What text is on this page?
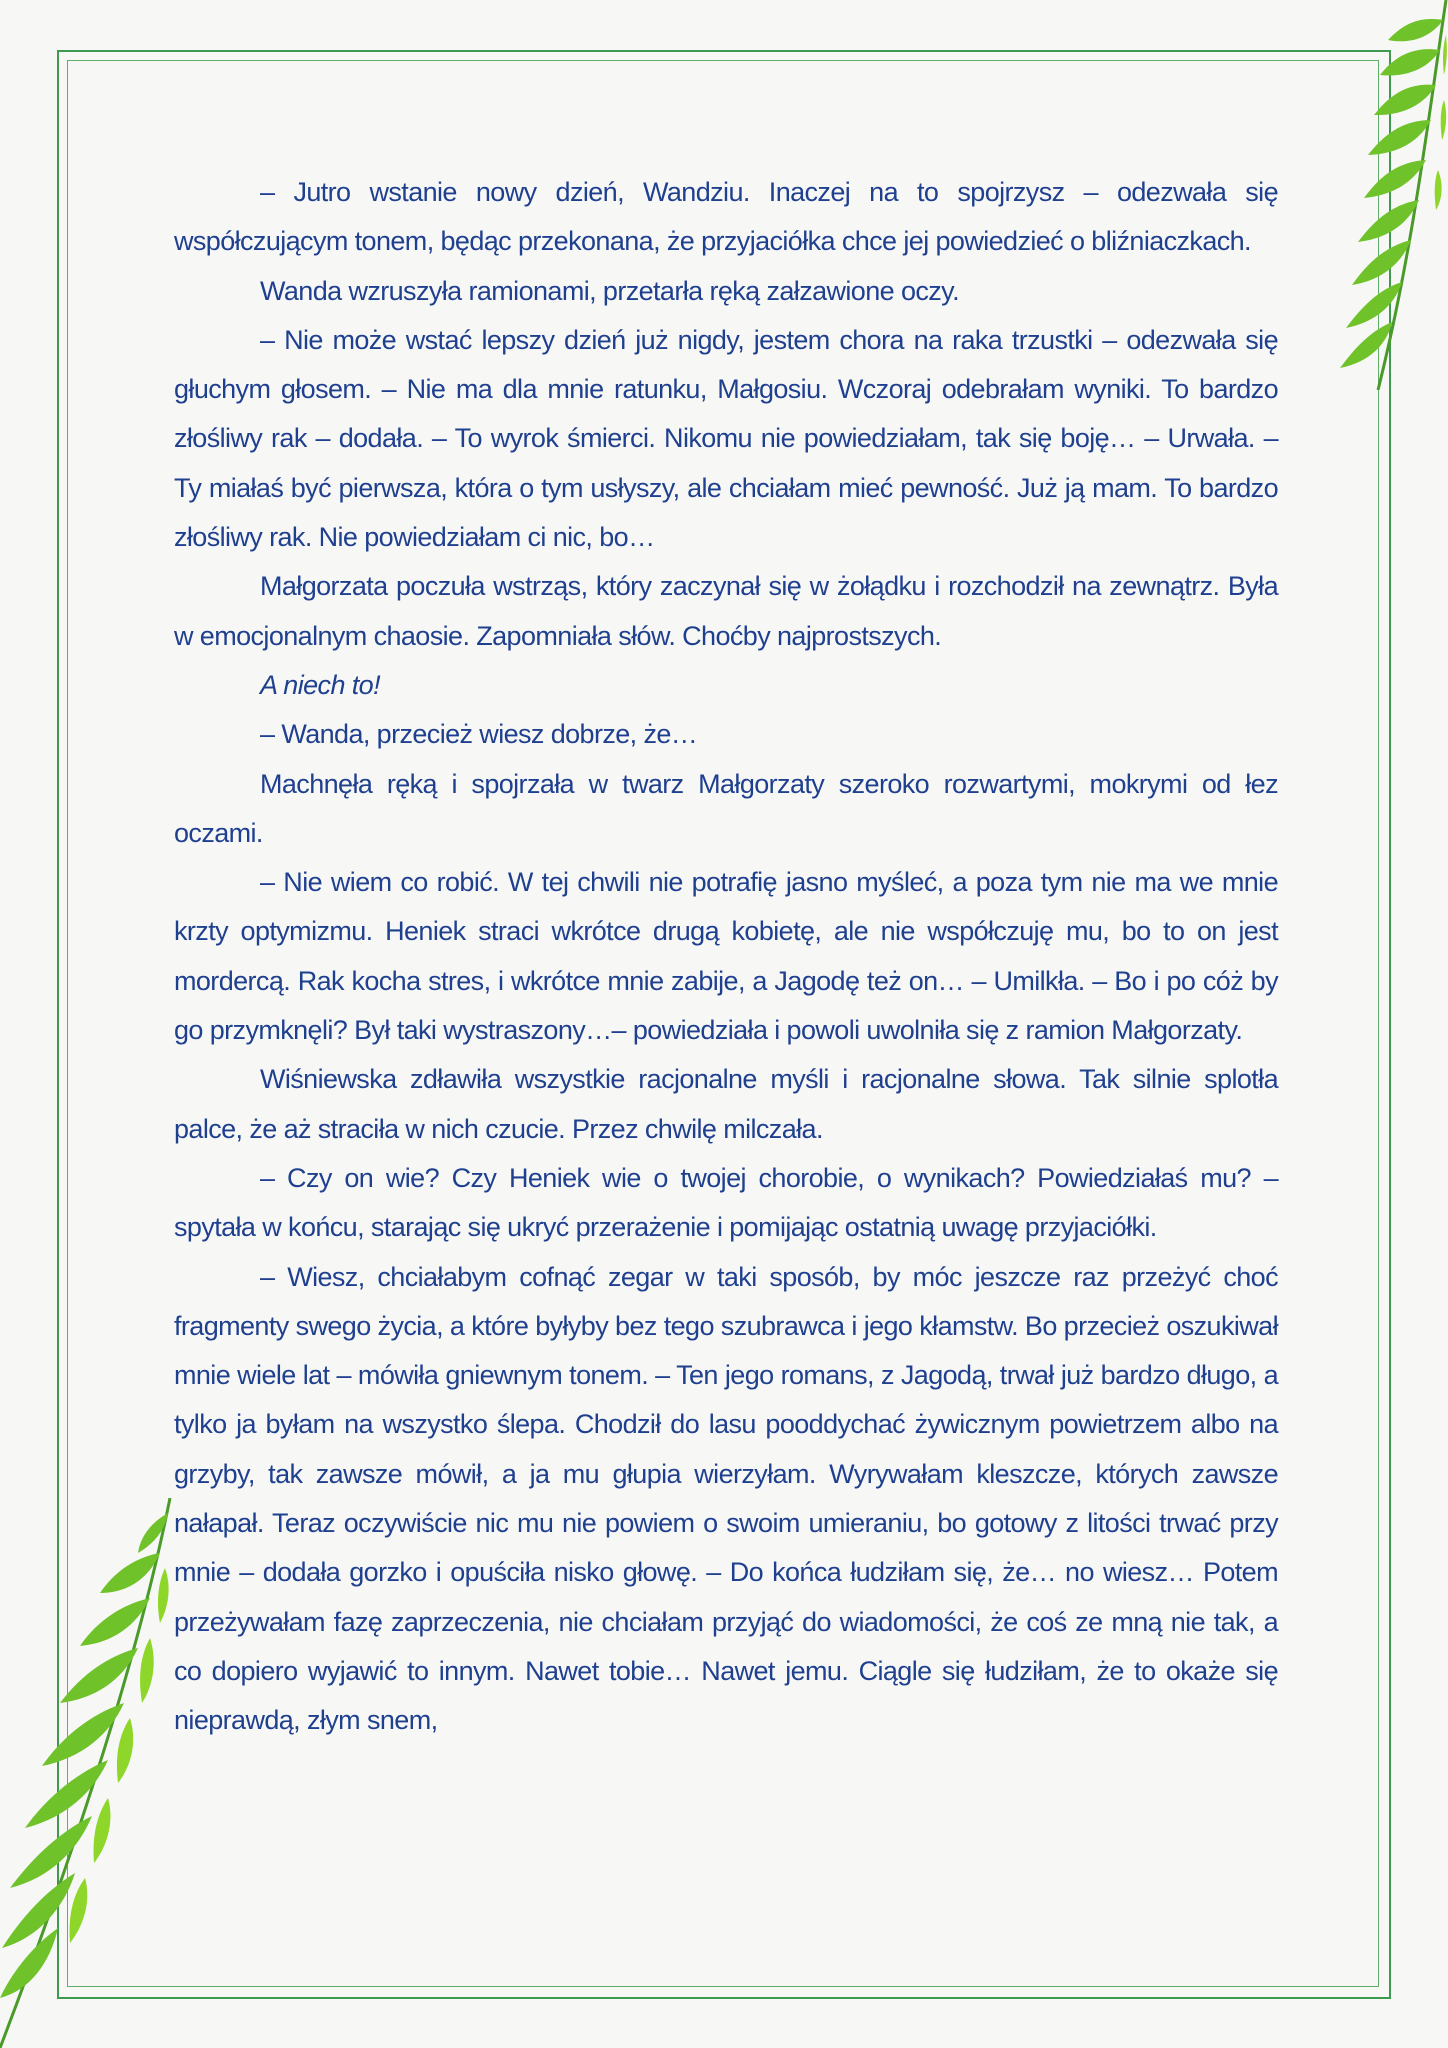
– Jutro wstanie nowy dzień, Wandziu. Inaczej na to spojrzysz – odezwała się współczującym tonem, będąc przekonana, że przyjaciółka chce jej powiedzieć o bliźniaczkach.

Wanda wzruszyła ramionami, przetarła ręką załzawione oczy.

– Nie może wstać lepszy dzień już nigdy, jestem chora na raka trzustki – odezwała się głuchym głosem. – Nie ma dla mnie ratunku, Małgosiu. Wczoraj odebrałam wyniki. To bardzo złośliwy rak – dodała. – To wyrok śmierci. Nikomu nie powiedziałam, tak się boję… – Urwała. – Ty miałaś być pierwsza, która o tym usłyszy, ale chciałam mieć pewność. Już ją mam. To bardzo złośliwy rak. Nie powiedziałam ci nic, bo…

Małgorzata poczuła wstrząs, który zaczynał się w żołądku i rozchodził na zewnątrz. Była w emocjonalnym chaosie. Zapomniała słów. Choćby najprostszych.

A niech to!

– Wanda, przecież wiesz dobrze, że…

Machnęła ręką i spojrzała w twarz Małgorzaty szeroko rozwartymi, mokrymi od łez oczami.

– Nie wiem co robić. W tej chwili nie potrafię jasno myśleć, a poza tym nie ma we mnie krzty optymizmu. Heniek straci wkrótce drugą kobietę, ale nie współczuję mu, bo to on jest mordercą. Rak kocha stres, i wkrótce mnie zabije, a Jagodę też on… – Umilkła. – Bo i po cóż by go przymknęli? Był taki wystraszony…– powiedziała i powoli uwolniła się z ramion Małgorzaty.

Wiśniewska zdławiła wszystkie racjonalne myśli i racjonalne słowa. Tak silnie splotła palce, że aż straciła w nich czucie. Przez chwilę milczała.

– Czy on wie? Czy Heniek wie o twojej chorobie, o wynikach? Powiedziałaś mu? – spytała w końcu, starając się ukryć przerażenie i pomijając ostatnią uwagę przyjaciółki.

– Wiesz, chciałabym cofnąć zegar w taki sposób, by móc jeszcze raz przeżyć choć fragmenty swego życia, a które byłyby bez tego szubrawca i jego kłamstw. Bo przecież oszukiwał mnie wiele lat – mówiła gniewnym tonem. – Ten jego romans, z Jagodą, trwał już bardzo długo, a tylko ja byłam na wszystko ślepa. Chodził do lasu pooddychać żywicznym powietrzem albo na grzyby, tak zawsze mówił, a ja mu głupia wierzyłam. Wyrywałam kleszcze, których zawsze nałapał. Teraz oczywiście nic mu nie powiem o swoim umieraniu, bo gotowy z litości trwać przy mnie – dodała gorzko i opuściła nisko głowę. – Do końca łudziłam się, że… no wiesz… Potem przeżywałam fazę zaprzeczenia, nie chciałam przyjąć do wiadomości, że coś ze mną nie tak, a co dopiero wyjawić to innym. Nawet tobie… Nawet jemu. Ciągle się łudziłam, że to okaże się nieprawdą, złym snem,
